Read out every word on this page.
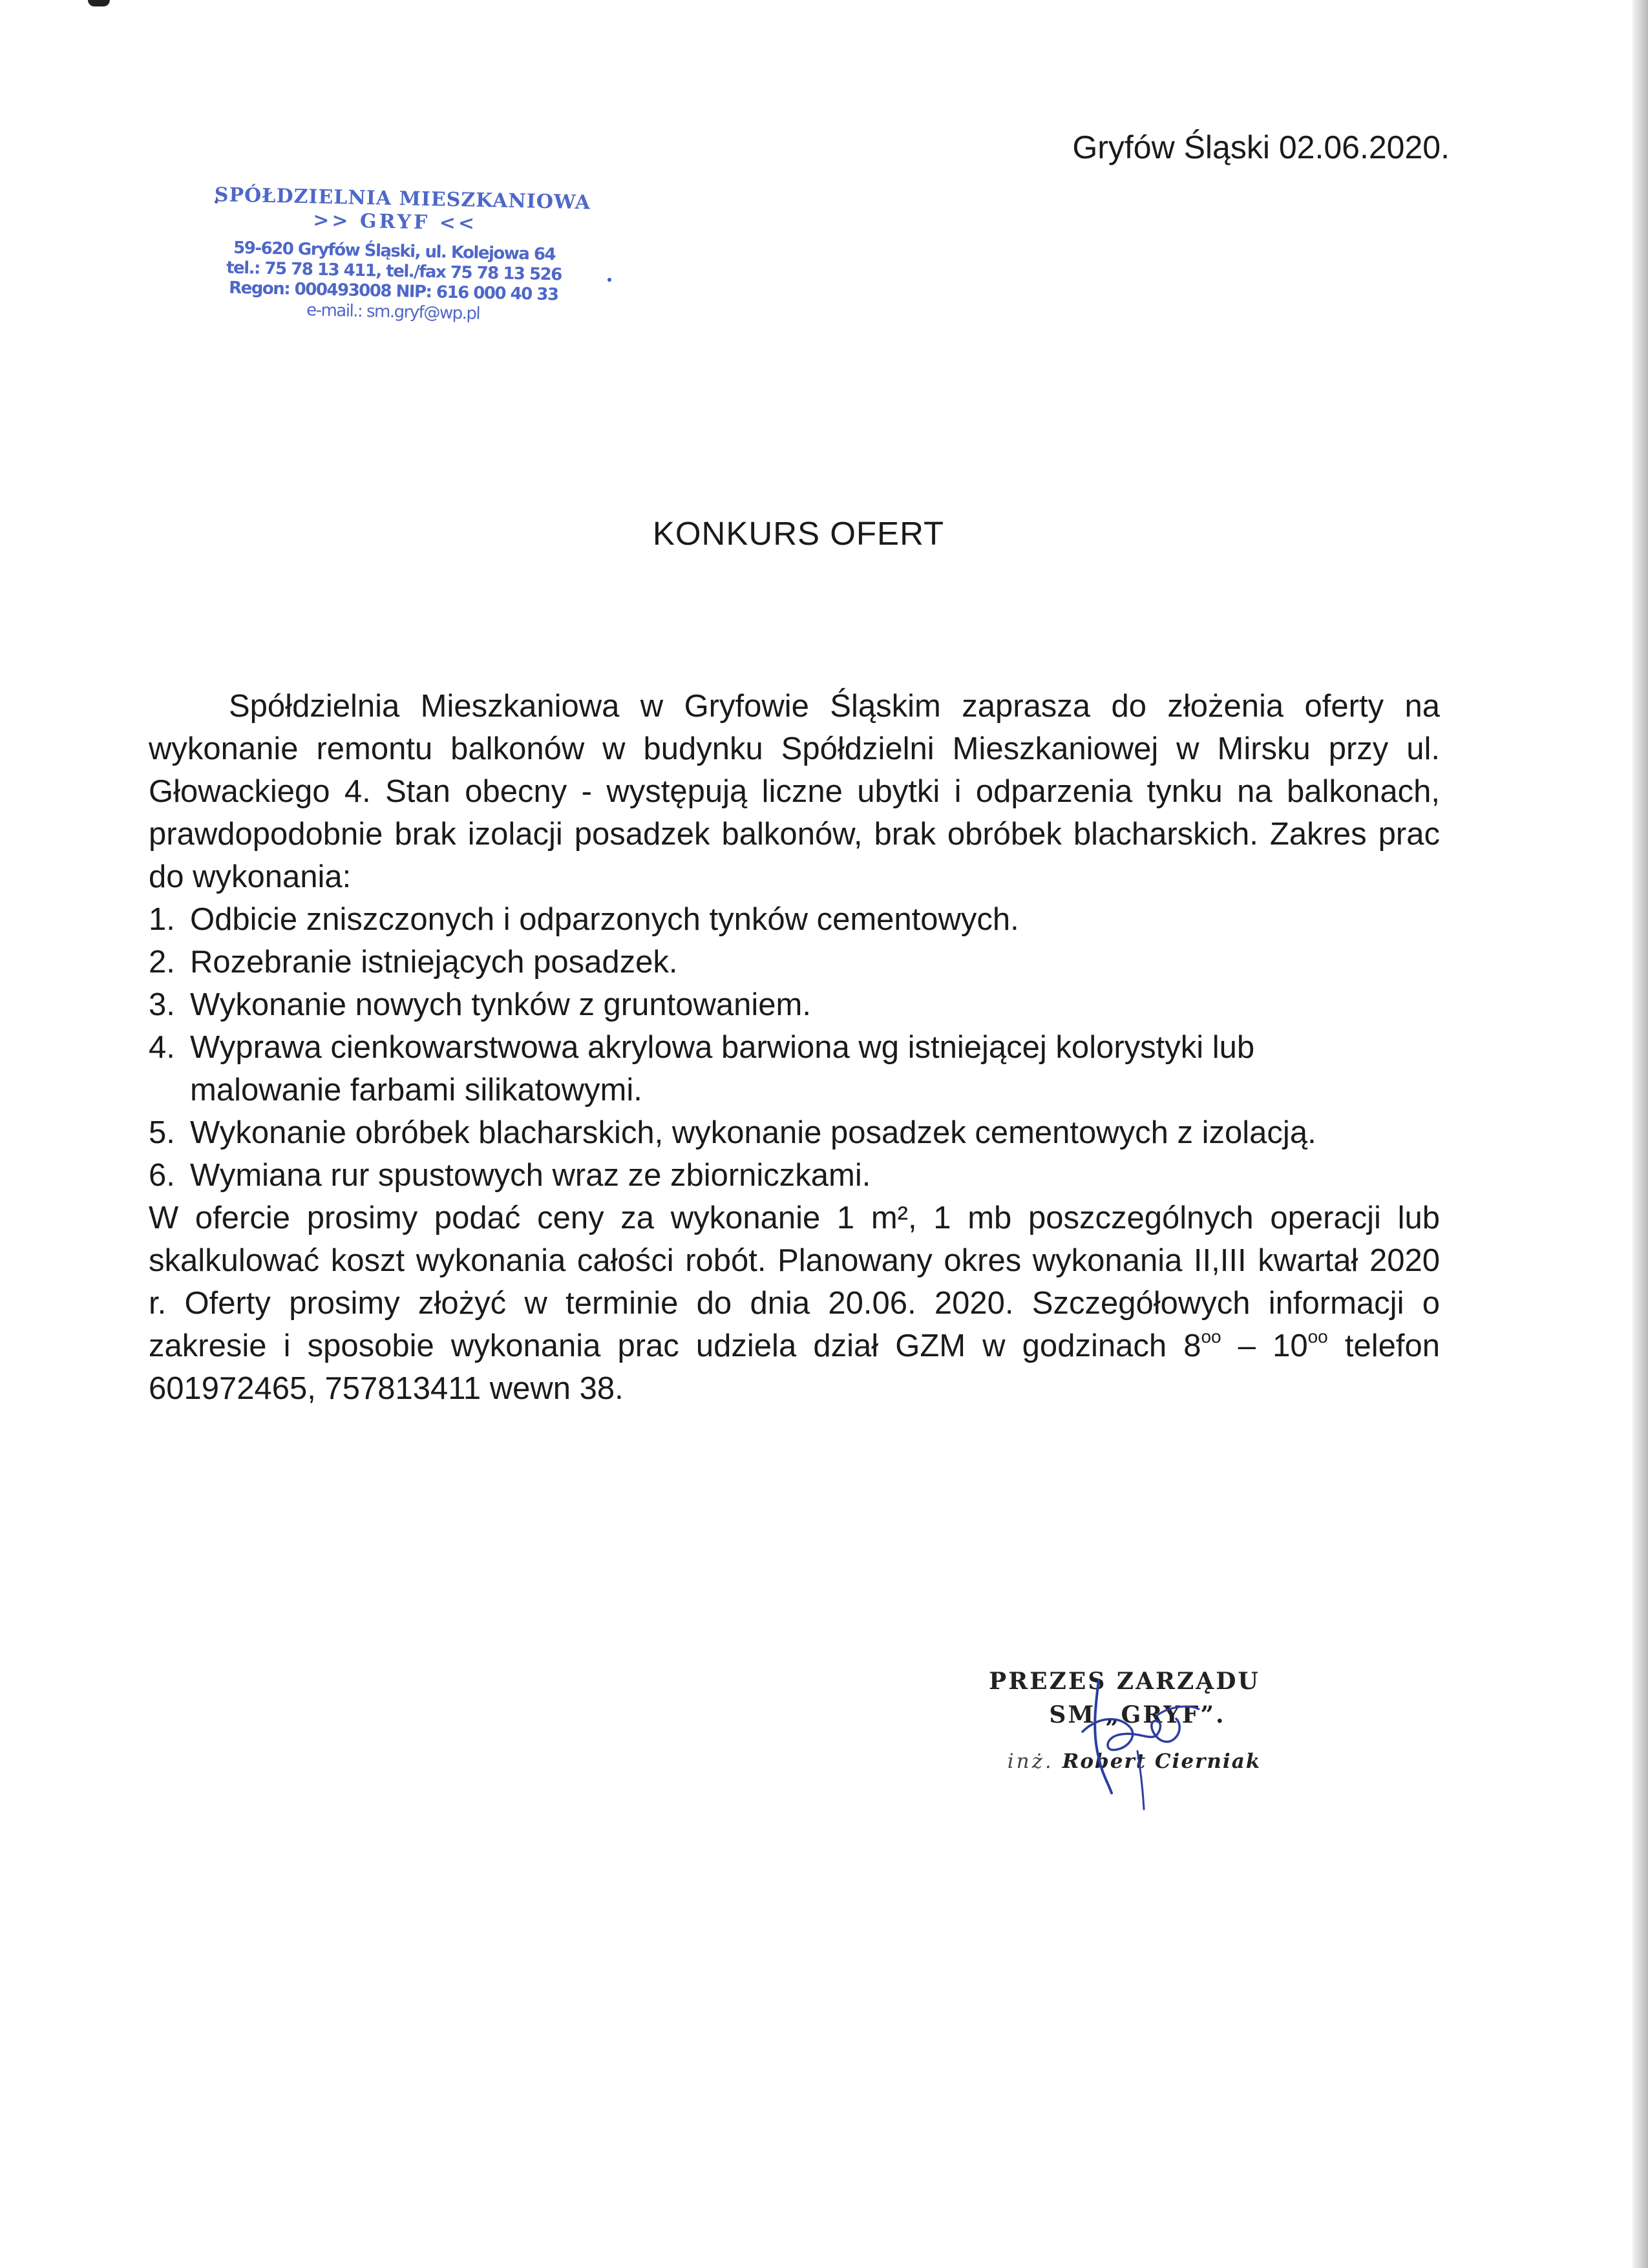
Gryfów Śląski 02.06.2020.
SPÓŁDZIELNIA MIESZKANIOWA
>> GRYF <<
59-620 Gryfów Śląski, ul. Kolejowa 64
tel.: 75 78 13 411, tel./fax 75 78 13 526
Regon: 000493008 NIP: 616 000 40 33
e-mail.: sm.gryf@wp.pl
KONKURS OFERT

Spółdzielnia Mieszkaniowa w Gryfowie Śląskim zaprasza do złożenia oferty na wykonanie remontu balkonów w budynku Spółdzielni Mieszkaniowej w Mirsku przy ul. Głowackiego 4. Stan obecny - występują liczne ubytki i odparzenia tynku na balkonach, prawdopodobnie brak izolacji posadzek balkonów, brak obróbek blacharskich. Zakres prac do wykonania:

1. Odbicie zniszczonych i odparzonych tynków cementowych.
2. Rozebranie istniejących posadzek.
3. Wykonanie nowych tynków z gruntowaniem.
4. Wyprawa cienkowarstwowa akrylowa barwiona wg istniejącej kolorystyki lub malowanie farbami silikatowymi.
5. Wykonanie obróbek blacharskich, wykonanie posadzek cementowych z izolacją.
6. Wymiana rur spustowych wraz ze zbiorniczkami.

W ofercie prosimy podać ceny za wykonanie 1 m², 1 mb poszczególnych operacji lub skalkulować koszt wykonania całości robót. Planowany okres wykonania II,III kwartał 2020 r. Oferty prosimy złożyć w terminie do dnia 20.06. 2020. Szczegółowych informacji o zakresie i sposobie wykonania prac udziela dział GZM w godzinach $8^{oo} - 10^{oo}$ telefon 601972465, 757813411 wewn 38.

PREZES ZARZĄDU
SM „GRYF”.
inż. Robert Cierniak
